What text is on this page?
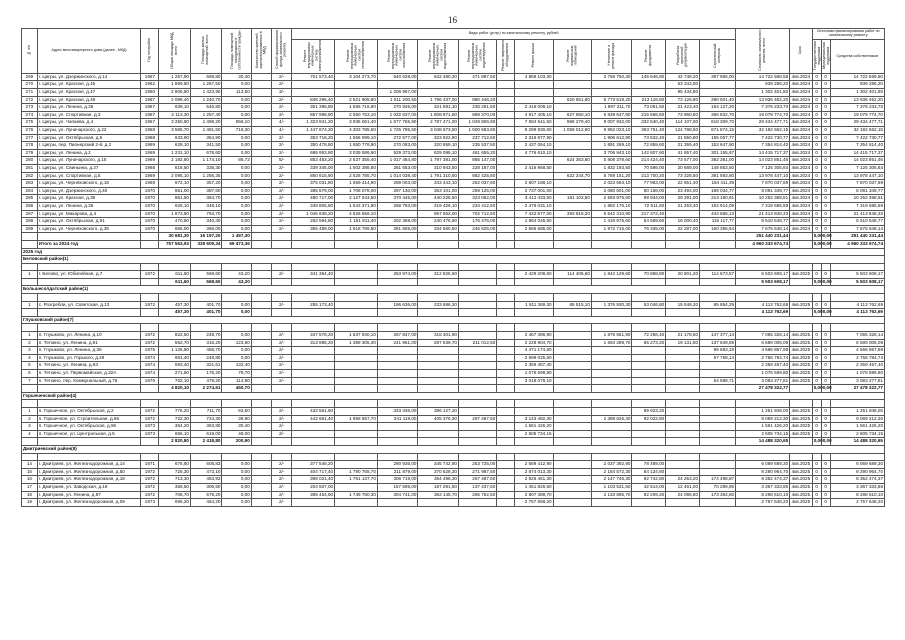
16
№ п/п	Адрес многоквартирного дома (далее - МКД)	Год постройки	Общая площадь МКД, всего	Площадь жилых помещений, всего	Площадь помещений, находящихся в собственности граждан	Количество жителей, зарегистрированных в МКД	Способ формирования фонда капитального ремонта	Виды работ (услуг) по капитальному ремонту, рублей												Стоимость капитального ремонта, всего	Срок	Источники финансирования работ по капитальному ремонту		
								Ремонт внутридомовых инженерных систем электроснабжения	Ремонт внутридомовых инженерных систем теплоснабжения	Ремонт внутридомовых инженерных систем газоснабжения	Ремонт внутридомовых инженерных систем водоснабжения	Ремонт внутридомовых инженерных систем водоотведения	Ремонт лифтового оборудования	Ремонт крыши	Ремонт подвальных помещений	Утепление и ремонт фасада	Ремонт фундамента	Разработка проектной документации	Строительный контроль			Государственная поддержка	Муниципальная поддержка	Средства собственников

269	г. Цигры, ул. Дзержинского, д.14	1967	1 257,90	669,80	30,40		2/-	701 573,40	3 104 273,70	540 628,00	642 480,30	471 897,50		4 868 103,30		3 756 750,30	145 646,80	42 748,20	397 965,00	14 722 568,58	4кв.2024	0	0	14 722 569,50
270	г. Цигры, ул. Красная, д.45	1962	1 869,80	1 267,50	0,00		2/-											63 343,00		939 286,20	4кв.2024	0	0	939 286,20
271	г. Цигры, ул. Красная, д.47	1950	2 806,90	1 423,90	113,50		3/-			1 206 967,00								95 434,80		1 302 401,80	4кв.2024	0	0	1 302 401,80
272	г. Цигры, ул. Красная, д.48	1967	2 089,40	1 240,70	0,00		2/-	848 296,40	2 521 905,80	1 011 200,50	1 786 437,00	880 446,20			620 551,80	5 773 618,20	213 118,80	73 126,80	290 501,40	13 936 462,20	4кв.2024	0	0	13 936 462,20
273	г. Цигры, ул. Ленина, д.36	1967	639,10	546,80	0,00		2/-	351 395,80	1 555 715,90	270 945,00	321 591,10	236 281,50		2 416 009,10		1 897 211,70	73 061,50	21 423,40	154 127,20	7 378 233,70	4кв.2024	0	0	7 378 233,70
274	г. Цигры, ул. Спортивная, д.3	1967	2 113,30	1 257,40	0,00		2/-	857 998,80	2 550 753,10	1 022 637,00	1 808 971,60	889 370,00		4 917 405,10	627 650,10	5 839 647,90	215 556,60	73 960,50	356 832,70	19 079 774,70	4кв.2024	0	0	19 079 774,70
275	г. Цигры, ул. Чапаева, д.4	1967	3 250,90	1 498,20	556,10		4/-	1 323 841,20	3 935 061,40	1 577 755,90	2 787 471,00	1 049 806,90		7 584 541,50	968 279,40	9 007 932,00	332 540,40	114 107,00	618 309,70	29 434 477,71	4кв.2024	0	0	29 434 477,71
276	г. Цигры, ул. Луначарского, д.22	1968	3 565,70	1 481,50	716,30		4/-	1 447 674,20	4 303 785,50	1 725 795,50	3 048 673,50	1 500 683,80		8 299 830,60	1 059 012,90	9 852 023,10	363 751,40	124 788,50	671 874,15	32 192 662,15	4кв.2024	0	0	32 192 662,15
277	г. Цигры, ул. Октябрьская, д.5	1968	633,90	354,90	0,00		2/-	353 716,20	1 566 099,10	272 577,00	323 922,90	237 712,60		2 316 877,90		1 906 612,90	73 532,40	21 550,80	155 067,77	7 422 730,77	4кв.2024	0	0	7 422 730,77
278	г. Цигры, пер. Пионерский 2-й, д.2	1969	628,10	341,50	0,00		2/-	350 478,80	1 550 778,90	270 083,00	320 959,10	235 537,50		2 437 064,10		1 891 269,10	72 859,60	21 355,40	153 647,90	7 354 814,40	4кв.2024	0	0	7 354 814,40
279	г. Цигры, ул. Ленина, д.2	1969	1 231,10	678,60	0,00		2/-	686 953,80	3 039 586,90	529 373,00	629 095,10	461 655,20		4 776 610,10		3 706 943,10	142 807,60	41 857,40	301 155,67	14 415 717,37	4кв.2024	0	0	14 415 717,37
280	г. Цигры, ул. Луначарского, д.15	1969	2 192,80	1 174,10	86,72		5/-	853 463,20	2 537 355,40	1 017 464,80	1 797 381,00	885 147,00			624 363,60	5 808 378,60	214 424,40	73 577,00	392 381,00	14 023 851,46	4кв.2024	0	0	14 023 851,46
281	г. Цигры, ул. Свиньина, д.27	1968	618,50	335,30	0,00		2/-	339 345,00	1 502 386,50	261 653,00	310 943,50	228 187,00		2 416 968,50		1 832 193,50	70 586,00	20 689,00	148 853,50	7 125 305,84	4кв.2024	0	0	7 125 305,84
282	г. Цигры, ул. Спортивная, д.5	1969	2 095,10	1 256,35	0,00		2/-	850 616,80	2 528 785,70	1 014 038,40	1 791 310,50	882 425,60			622 244,70	5 789 151,20	213 700,20	73 328,50	391 593,80	13 978 447,10	4кв.2024	0	0	13 978 447,10
283	г. Цигры, ул. Черняховского, д.16	1969	672,10	357,20	0,00		2/-	375 031,80	1 659 414,90	289 003,00	343 443,10	252 037,60		2 607 188,10		2 023 693,10	77 963,00	22 851,40	164 411,39	7 870 037,69	4кв.2024	0	0	7 870 037,69
284	г. Цигры, ул. Дзержинского, д.40	1970	651,00	387,60	0,00		2/-	385 579,00	1 706 078,00	297 130,00	353 101,00	259 125,00		2 737 001,00		2 080 601,00	80 156,00	23 494,00	169 034,77	8 091 349,77	4кв.2024	0	0	8 091 349,77
285	г. Цигры, ул. Красная, д.39	1970	861,50	364,70	0,00		2/-	480 717,00	2 127 043,50	370 445,00	440 226,50	323 062,00		3 412 433,50	181 103,50	2 593 976,50	99 934,00	29 291,00	214 190,61	10 252 388,61	4кв.2024	0	0	10 252 388,61
286	г. Цигры, ул. Ленина, д.38	1970	625,10	348,10	0,00		2/-	348 805,80	1 543 371,90	268 793,00	319 426,10	234 412,50		2 476 031,10		1 882 176,10	72 511,60	21 253,40	152 914,09	7 319 685,59	4кв.2024	0	0	7 319 685,59
287	г. Цигры, ул. Макарова, д.4	1970	1 873,90	794,70	0,00		2/-	1 045 636,20	4 626 659,10		957 562,00	702 712,50		7 422 577,00	393 918,20	5 642 310,90	217 372,40		444 665,13	21 413 848,33	4кв.2024	0	0	21 413 848,33
288	г. Цигры, ул. Октябрьская, д.91	1970	470,60	340,40	0,00		2/-	262 594,80	1 161 911,40	202 358,00	240 476,60	176 476,00		1 864 045,60		1 416 975,60	54 589,60	16 000,40	115 117,77	5 510 548,77	4кв.2024	0	0	5 510 548,77
289	г. Цигры, ул. Черняховского, д.35	1970	655,00	366,00	0,00		2/-	365 489,00	1 618 789,50	281 655,00	334 560,50	245 625,00		2 666 685,00		1 972 715,00	76 335,00	22 287,00	160 355,64	7 675 648,14	4кв.2024	0	0	7 675 648,14
			30 681,30	16 197,20	1 497,30															251 440 231,44		0,00	0,00	251 440 231,44
	Итого за 2024 год		757 563,93	335 609,34	69 473,36															4 960 333 674,74		0,00	0,00	4 960 333 674,74
2025 год																								
Беловский район(1)																								

1	г. Белово, ул. Юбилейная, д.7	1972	611,60	568,60	43,20		2/-	341 364,40		253 974,00	312 825,60			2 429 208,60	114 406,60	1 842 129,60	70 868,80	20 801,20	114 673,57	5 503 608,17	4кв.2025	0	0	5 503 608,17
			611,60	568,60	43,20															5 503 608,17		0,00	0,00	5 503 608,17
Большесолдатский район(1)																								

1	с. Розгребли, ул. Советская, д.13	1972	457,30	401,70	0,00		2/-	255 173,40		196 636,00	233 686,30			1 811 369,30	85 515,10	1 376 930,30	53 046,80	15 548,20	85 864,29	4 113 762,69	4кв.2025	0	0	4 113 762,69
			457,30	401,70	0,00															4 113 762,69		0,00	0,00	4 113 762,69
Глушковский район(7)																								

1	п. Глушково, ул. Ленина, д.10	1972	822,50	248,70	0,00		2/-	347 578,20	1 537 940,10	267 847,00	318 301,90			2 467 396,90		1 875 551,90	72 256,40	21 178,60	147 377,14	7 055 328,14	4кв.2025	0	0	7 055 328,14
2	п. Теткино, ул. Ленина, д.91	1972	562,70	316,20	123,80		2/-	313 985,20	1 389 305,30	241 961,00	287 539,70	211 012,50		2 228 904,70		1 694 289,70	65 273,20	19 131,80	137 649,59	6 589 005,09	4кв.2025	0	0	6 589 005,09
3	п. Глушково, ул. Ленина, д.36	1975	1 126,80	456,70	0,00		2/-							4 471 174,80					95 683,18	4 566 857,98	4кв.2025	0	0	4 566 857,98
4	п. Глушково, ул. Горького, д.28	1974	681,40	248,80	0,00		2/-							2 699 025,60					57 759,14	2 756 784,74	4кв.2025	0	0	2 756 784,74
5	п. Теткино, ул. Ленина, д.93	1974	593,40	321,61	132,40		2/-							2 359 457,40						2 359 457,40	4кв.2025	0	0	2 359 457,40
6	п. Теткино, ул. Первомайская, д.32А	1974	271,60	176,20	79,70		2/-							1 076 599,80						1 076 599,80	4кв.2025	0	0	1 076 599,80
7	п. Теткино, пер. Коммунальный, д.76	1976	762,10	479,20	114,80		2/-							3 018 079,10					64 598,71	3 083 277,81	4кв.2025	0	0	3 083 277,81
			4 820,10	2 274,61	450,70															27 478 322,77		0,00	0,00	27 478 322,77
Горшеченский район(4)																								

1	п. Горшечное, ул. Октябрьская, д.2	1972	776,20	711,70	63,50		2/-	432 561,60		333 336,00	396 127,20						89 923,20			1 251 948,00	4кв.2025	0	0	1 251 948,00
2	п. Горшечное, ул. Строительная, д.66	1972	722,30	724,30	39,90		2/-	442 661,40	1 958 657,70	341 119,00	405 376,30	297 487,50		3 143 492,30		2 388 626,30	92 022,80			9 069 212,30	4кв.2025	0	0	9 069 212,30
3	п. Горшечное, ул. Октябрьская, д.96	1973	364,20	363,80	30,40		2/-							1 561 426,20						1 561 426,20	4кв.2025	0	0	1 561 426,20
4	п. Горшечное, ул. Центральная, д.5	1973	656,10	619,00	48,00		2/-							2 605 734,15						2 605 734,15	4кв.2025	0	0	2 605 734,15
			2 820,80	2 418,80	200,90															14 488 320,65		0,00	0,00	14 488 320,65
Дмитриевский район(8)																								

14	г. Дмитриев, ул. Железнодорожная, д.14	1971	676,60	605,83	0,00		2/-	377 548,20		290 936,00	345 742,90	253 725,00		2 689 412,90		2 037 392,90	78 489,00			6 069 689,30	4кв.2025	0	0	6 069 689,30
15	г. Дмитриев, ул. Железнодорожная, д.50	1972	725,30	473,10	0,00		2/-	404 717,40	1 790 765,70	311 879,00	370 628,30	271 987,50		2 874 013,30		2 184 572,30	84 134,80			8 290 964,70	4кв.2025	0	0	8 290 964,70
16	г. Дмитриев, ул. Железнодорожная, д.18	1972	713,30	453,93	0,00		2/-	398 021,40	1 761 137,70	306 719,00	364 496,30	267 487,50		2 826 461,30		2 147 746,30	82 742,80	24 253,20	174 498,87	8 352 474,37	4кв.2025	0	0	8 352 474,37
17	г. Дмитриев, ул. Заводская, д.19	1972	366,50	306,50	0,00		2/-	204 507,00		157 595,00	187 281,50	137 437,50		1 451 826,50		1 103 531,50	42 514,00	12 461,00	70 289,86	3 367 333,86	4кв.2025	0	0	3 367 333,86
18	г. Дмитриев, ул. Ленина, д.87	1972	708,70	679,20	0,00		2/-	395 454,60	1 749 780,30	304 741,00	362 145,70	265 762,50		2 807 389,70		2 133 895,70	82 209,20	24 095,80	173 364,60	8 298 610,10	4кв.2025	0	0	8 298 610,10
19	г. Дмитриев, ул. Железнодорожная, д.09	1973	696,20	464,20	0,00		2/-							2 757 658,20						2 757 648,20	4кв.2025	0	0	2 757 648,20
